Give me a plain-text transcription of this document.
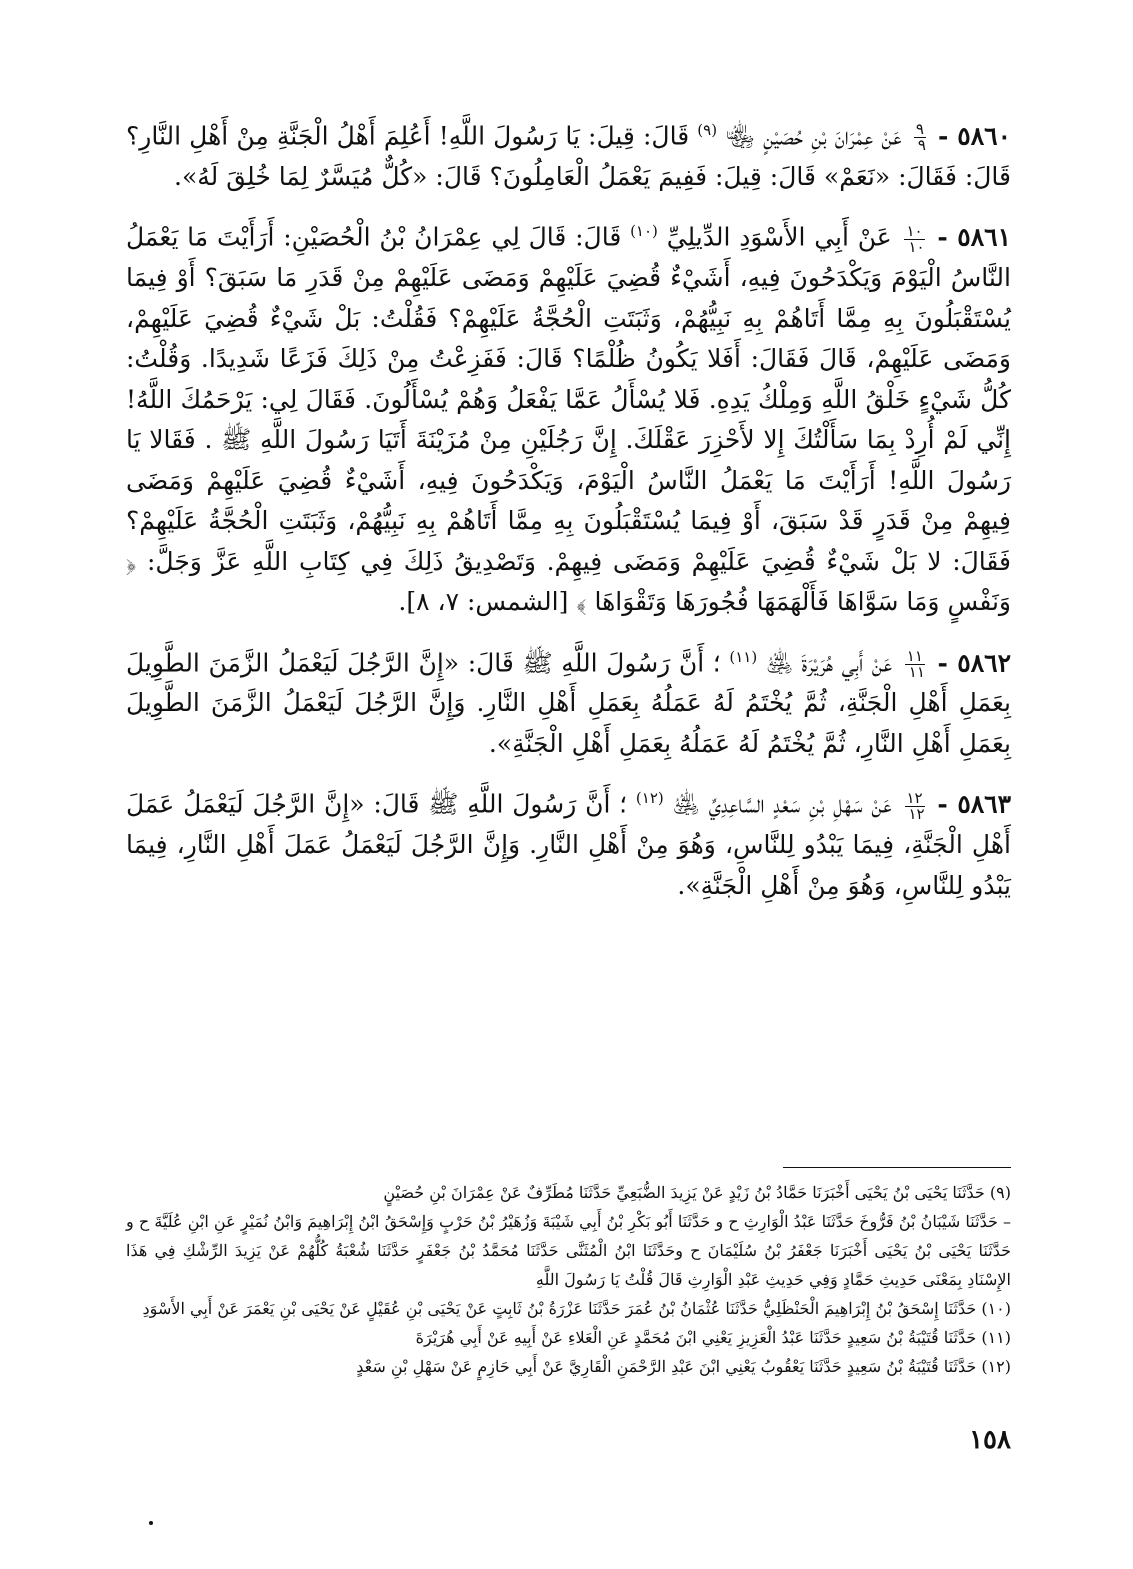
٥٨٦٠ -
٩
٩
عَنْ عِمْرَانَ بْنِ حُصَيْنٍ ﵄ $^{(٩)}$ قَالَ: قِيلَ: يَا رَسُولَ اللَّهِ! أَعُلِمَ أَهْلُ الْجَنَّةِ مِنْ أَهْلِ النَّارِ؟ قَالَ: فَقَالَ: «نَعَمْ» قَالَ: قِيلَ: فَفِيمَ يَعْمَلُ الْعَامِلُونَ؟ قَالَ: «كُلٌّ مُيَسَّرٌ لِمَا خُلِقَ لَهُ».

٥٨٦١ -
١٠
١٠
عَنْ أَبِي الأَسْوَدِ الدِّيلِيِّ $^{(١٠)}$ قَالَ: قَالَ لِي عِمْرَانُ بْنُ الْحُصَيْنِ: أَرَأَيْتَ مَا يَعْمَلُ النَّاسُ الْيَوْمَ وَيَكْدَحُونَ فِيهِ، أَشَيْءٌ قُضِيَ عَلَيْهِمْ وَمَضَى عَلَيْهِمْ مِنْ قَدَرِ مَا سَبَقَ؟ أَوْ فِيمَا يُسْتَقْبَلُونَ بِهِ مِمَّا أَتَاهُمْ بِهِ نَبِيُّهُمْ، وَثَبَتَتِ الْحُجَّةُ عَلَيْهِمْ؟ فَقُلْتُ: بَلْ شَيْءٌ قُضِيَ عَلَيْهِمْ، وَمَضَى عَلَيْهِمْ، قَالَ فَقَالَ: أَفَلا يَكُونُ ظُلْمًا؟ قَالَ: فَفَزِعْتُ مِنْ ذَلِكَ فَزَعًا شَدِيدًا. وَقُلْتُ: كُلُّ شَيْءٍ خَلْقُ اللَّهِ وَمِلْكُ يَدِهِ. فَلا يُسْأَلُ عَمَّا يَفْعَلُ وَهُمْ يُسْأَلُونَ. فَقَالَ لِي: يَرْحَمُكَ اللَّهُ! إِنِّي لَمْ أُرِدْ بِمَا سَأَلْتُكَ إِلا لأَحْزِرَ عَقْلَكَ. إِنَّ رَجُلَيْنِ مِنْ مُزَيْنَةَ أَتَيَا رَسُولَ اللَّهِ ﷺ . فَقَالا يَا رَسُولَ اللَّهِ! أَرَأَيْتَ مَا يَعْمَلُ النَّاسُ الْيَوْمَ، وَيَكْدَحُونَ فِيهِ، أَشَيْءٌ قُضِيَ عَلَيْهِمْ وَمَضَى فِيهِمْ مِنْ قَدَرٍ قَدْ سَبَقَ، أَوْ فِيمَا يُسْتَقْبَلُونَ بِهِ مِمَّا أَتَاهُمْ بِهِ نَبِيُّهُمْ، وَثَبَتَتِ الْحُجَّةُ عَلَيْهِمْ؟ فَقَالَ: لا بَلْ شَيْءٌ قُضِيَ عَلَيْهِمْ وَمَضَى فِيهِمْ. وَتَصْدِيقُ ذَلِكَ فِي كِتَابِ اللَّهِ عَزَّ وَجَلَّ: ﴿ وَنَفْسٍ وَمَا سَوَّاهَا فَأَلْهَمَهَا فُجُورَهَا وَتَقْوَاهَا ﴾ [الشمس: ٧، ٨].

٥٨٦٢ -
١١
١١
عَنْ أَبِي هُرَيْرَةَ ﵁ $^{(١١)}$ ؛ أَنَّ رَسُولَ اللَّهِ ﷺ قَالَ: «إِنَّ الرَّجُلَ لَيَعْمَلُ الزَّمَنَ الطَّوِيلَ بِعَمَلِ أَهْلِ الْجَنَّةِ، ثُمَّ يُخْتَمُ لَهُ عَمَلُهُ بِعَمَلِ أَهْلِ النَّارِ. وَإِنَّ الرَّجُلَ لَيَعْمَلُ الزَّمَنَ الطَّوِيلَ بِعَمَلِ أَهْلِ النَّارِ، ثُمَّ يُخْتَمُ لَهُ عَمَلُهُ بِعَمَلِ أَهْلِ الْجَنَّةِ».

٥٨٦٣ -
١٢
١٢
عَنْ سَهْلِ بْنِ سَعْدٍ السَّاعِدِيِّ ﵁ $^{(١٢)}$ ؛ أَنَّ رَسُولَ اللَّهِ ﷺ قَالَ: «إِنَّ الرَّجُلَ لَيَعْمَلُ عَمَلَ أَهْلِ الْجَنَّةِ، فِيمَا يَبْدُو لِلنَّاسِ، وَهُوَ مِنْ أَهْلِ النَّارِ. وَإِنَّ الرَّجُلَ لَيَعْمَلُ عَمَلَ أَهْلِ النَّارِ، فِيمَا يَبْدُو لِلنَّاسِ، وَهُوَ مِنْ أَهْلِ الْجَنَّةِ».

(٩) حَدَّثَنَا يَحْيَى بْنُ يَحْيَى أَخْبَرَنَا حَمَّادُ بْنُ زَيْدٍ عَنْ يَزِيدَ الضُّبَعِيِّ حَدَّثَنَا مُطَرِّفٌ عَنْ عِمْرَانَ بْنِ حُصَيْنٍ

– حَدَّثَنَا شَيْبَانُ بْنُ فَرُّوخَ حَدَّثَنَا عَبْدُ الْوَارِثِ ح و حَدَّثَنَا أَبُو بَكْرِ بْنُ أَبِي شَيْبَةَ وَزُهَيْرُ بْنُ حَرْبٍ وَإِسْحَقُ ابْنُ إِبْرَاهِيمَ وَابْنُ نُمَيْرٍ عَنِ ابْنِ عُلَيَّةَ ح و حَدَّثَنَا يَحْيَى بْنُ يَحْيَى أَخْبَرَنَا جَعْفَرُ بْنُ سُلَيْمَانَ ح وحَدَّثَنَا ابْنُ الْمُثَنَّى حَدَّثَنَا مُحَمَّدُ بْنُ جَعْفَرٍ حَدَّثَنَا شُعْبَةُ كُلُّهُمْ عَنْ يَزِيدَ الرِّشْكِ فِي هَذَا الإِسْنَادِ بِمَعْنَى حَدِيثِ حَمَّادٍ وَفِي حَدِيثِ عَبْدِ الْوَارِثِ قَالَ قُلْتُ يَا رَسُولَ اللَّهِ

(١٠) حَدَّثَنَا إِسْحَقُ بْنُ إِبْرَاهِيمَ الْحَنْظَلِيُّ حَدَّثَنَا عُثْمَانُ بْنُ عُمَرَ حَدَّثَنَا عَزْرَةُ بْنُ ثَابِتٍ عَنْ يَحْيَى بْنِ عُقَيْلٍ عَنْ يَحْيَى بْنِ يَعْمَرَ عَنْ أَبِي الأَسْوَدِ

(١١) حَدَّثَنَا قُتَيْبَةُ بْنُ سَعِيدٍ حَدَّثَنَا عَبْدُ الْعَزِيزِ يَعْنِي ابْنَ مُحَمَّدٍ عَنِ الْعَلاءِ عَنْ أَبِيهِ عَنْ أَبِي هُرَيْرَةَ

(١٢) حَدَّثَنَا قُتَيْبَةُ بْنُ سَعِيدٍ حَدَّثَنَا يَعْقُوبُ يَعْنِي ابْنَ عَبْدِ الرَّحْمَنِ الْقَارِيَّ عَنْ أَبِي حَازِمٍ عَنْ سَهْلِ بْنِ سَعْدٍ

١٥٨
